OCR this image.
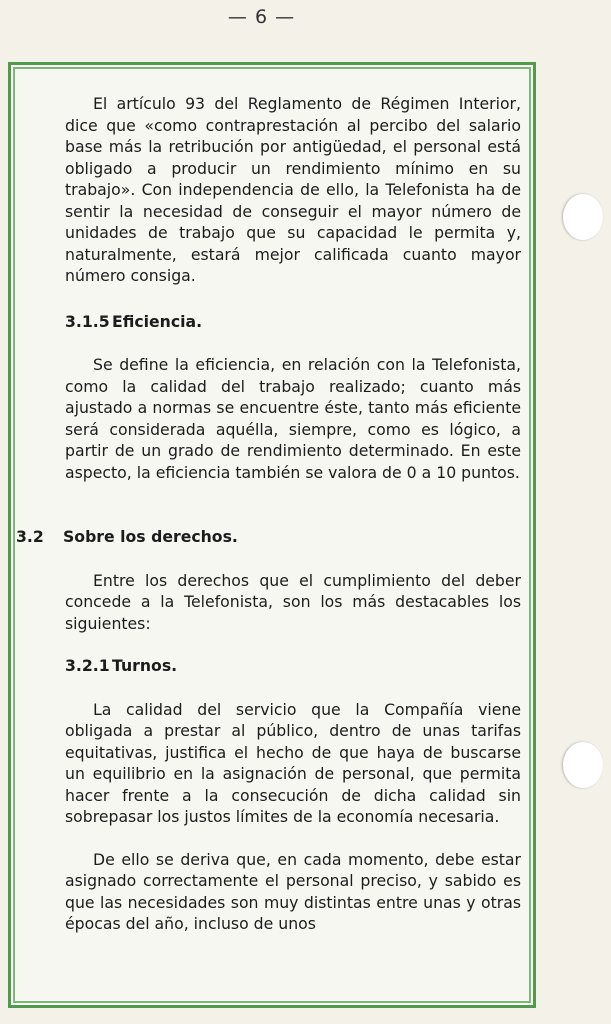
— 6 —

El artículo 93 del Reglamento de Régimen Interior, dice que «como contraprestación al percibo del salario base más la retribución por antigüedad, el personal está obligado a producir un rendimiento mínimo en su trabajo». Con independencia de ello, la Telefonista ha de sentir la necesidad de conseguir el mayor número de unidades de trabajo que su capacidad le permita y, naturalmente, estará mejor calificada cuanto mayor número consiga.

3.1.5 Eficiencia.

Se define la eficiencia, en relación con la Telefonista, como la calidad del trabajo realizado; cuanto más ajustado a normas se encuentre éste, tanto más eficiente será considerada aquélla, siempre, como es lógico, a partir de un grado de rendimiento determinado. En este aspecto, la eficiencia también se valora de 0 a 10 puntos.

3.2 Sobre los derechos.

Entre los derechos que el cumplimiento del deber concede a la Telefonista, son los más destacables los siguientes:

3.2.1 Turnos.

La calidad del servicio que la Compañía viene obligada a prestar al público, dentro de unas tarifas equitativas, justifica el hecho de que haya de buscarse un equilibrio en la asignación de personal, que permita hacer frente a la consecución de dicha calidad sin sobrepasar los justos límites de la economía necesaria.

De ello se deriva que, en cada momento, debe estar asignado correctamente el personal preciso, y sabido es que las necesidades son muy distintas entre unas y otras épocas del año, incluso de unos
